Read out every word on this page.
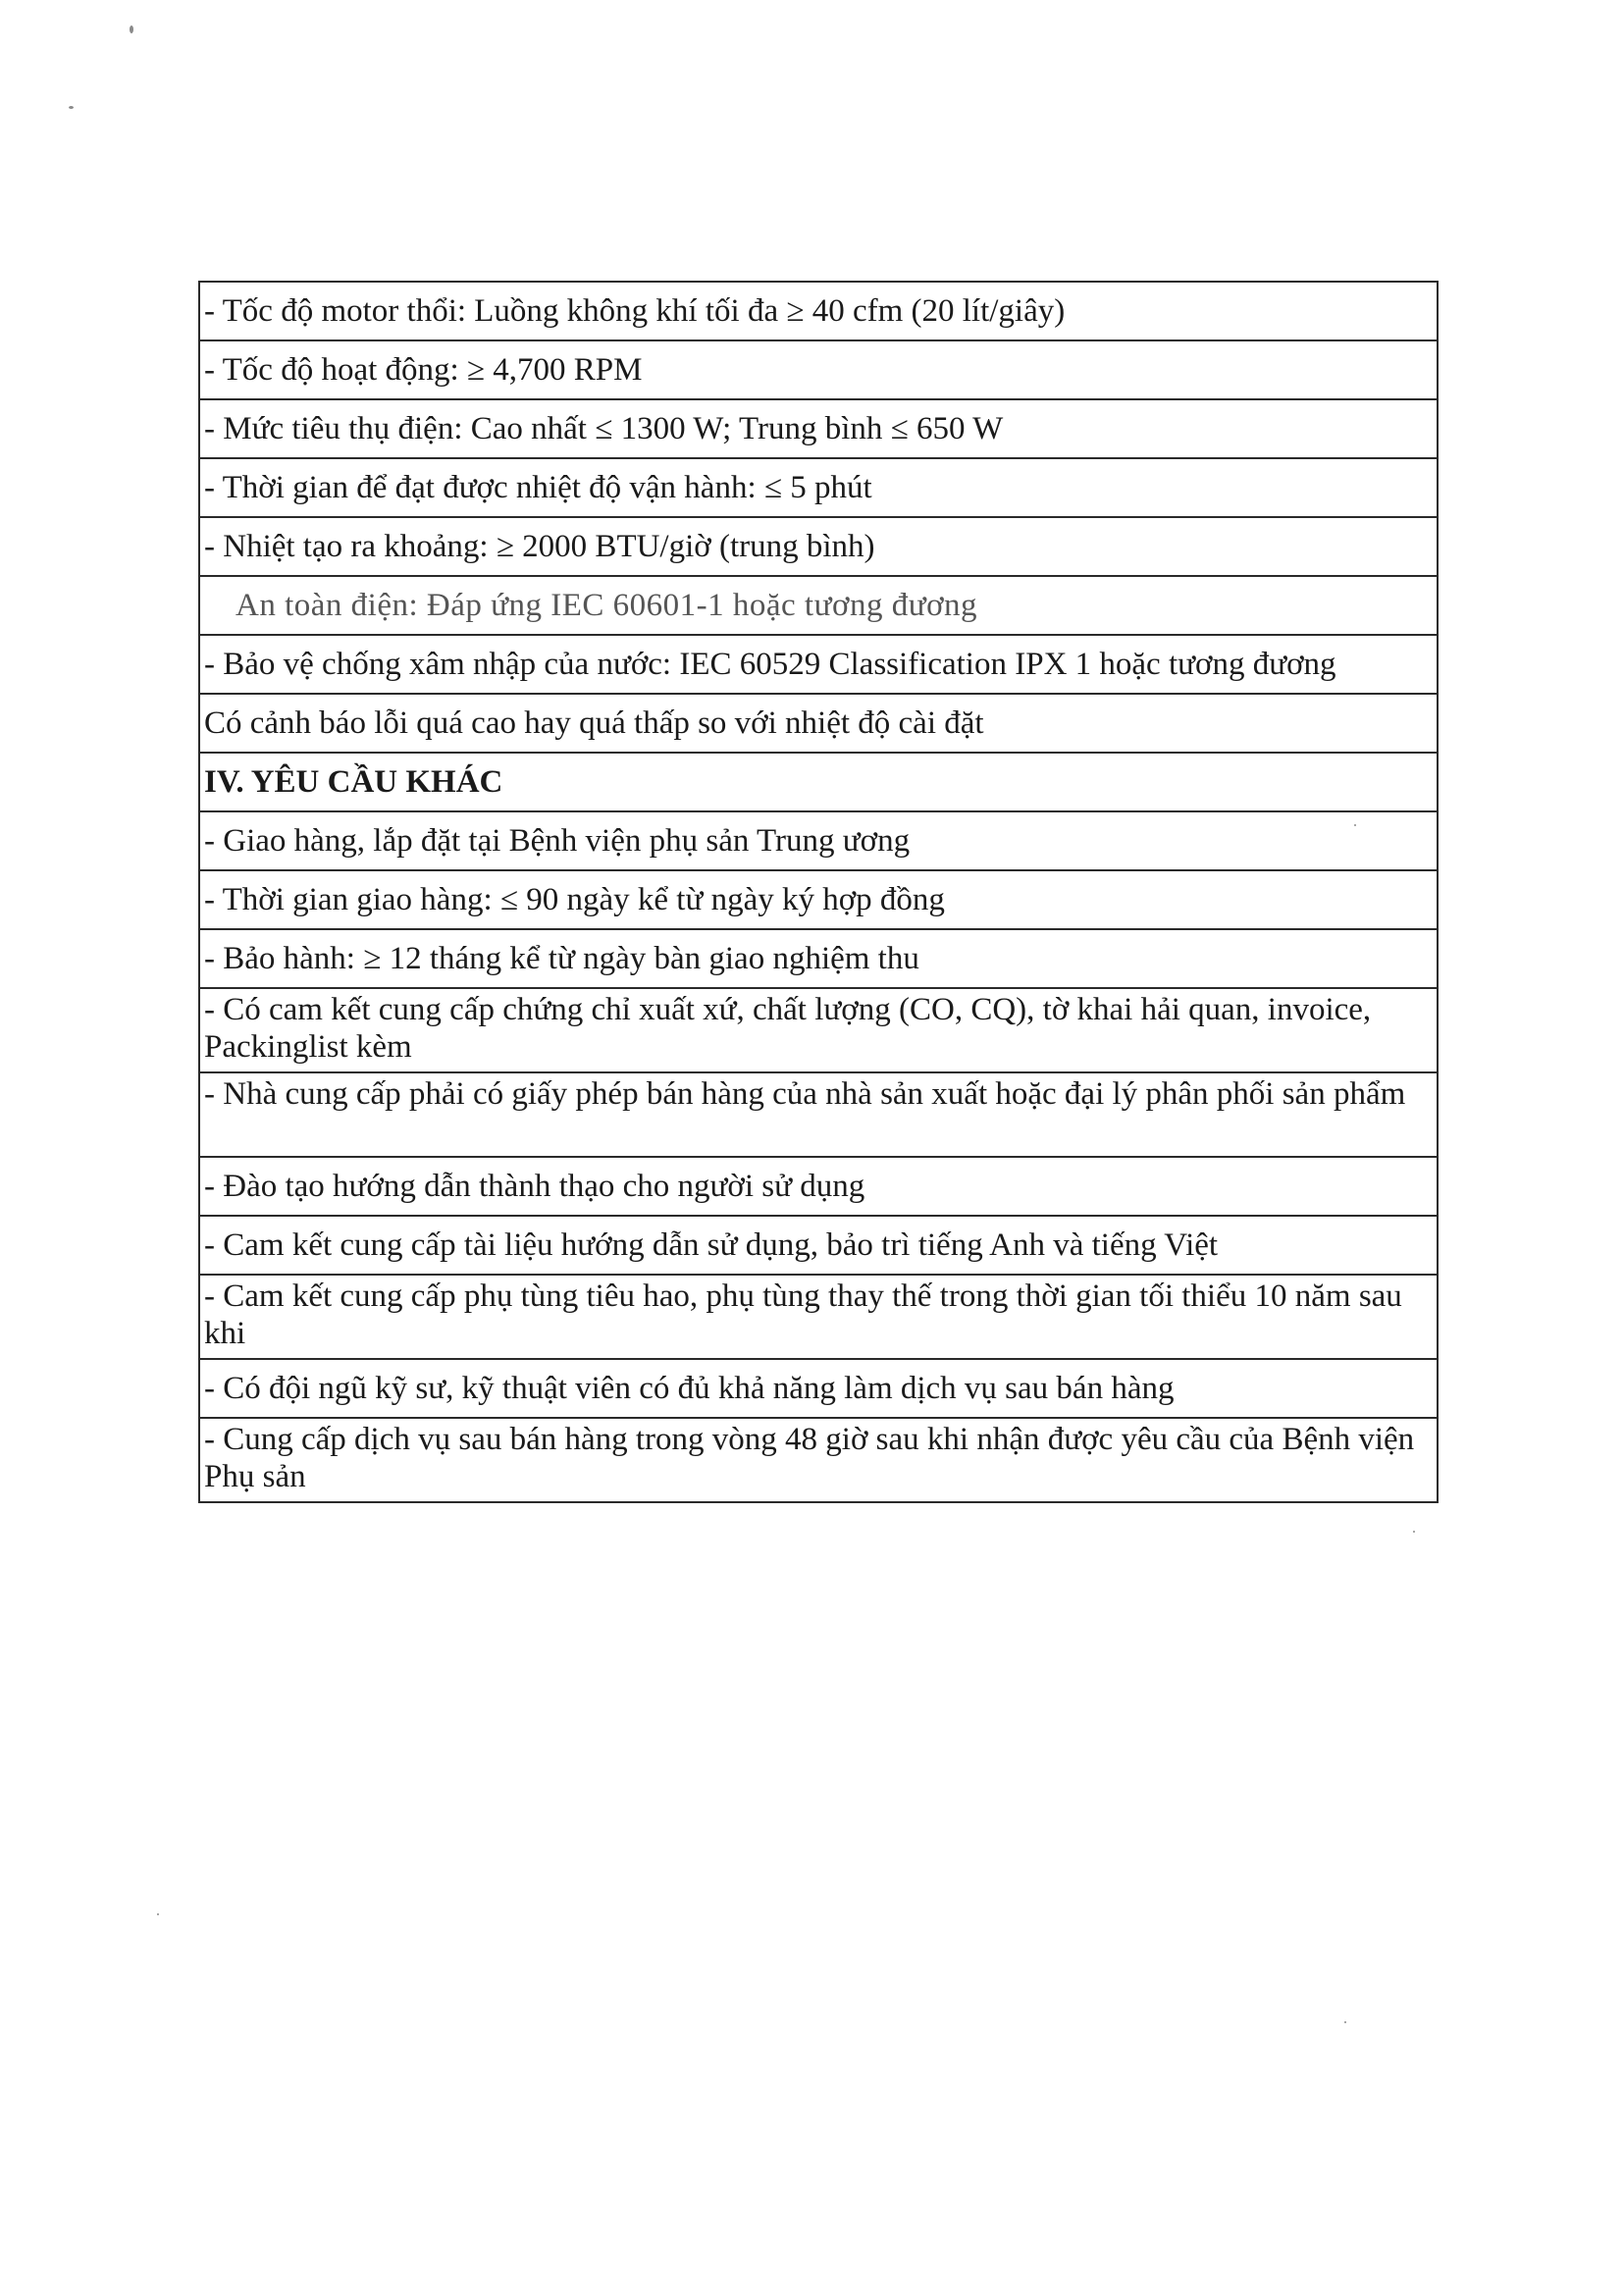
- Tốc độ motor thổi: Luồng không khí tối đa ≥ 40 cfm (20 lít/giây)
- Tốc độ hoạt động: ≥ 4,700 RPM
- Mức tiêu thụ điện: Cao nhất ≤ 1300 W; Trung bình ≤ 650 W
- Thời gian để đạt được nhiệt độ vận hành: ≤ 5 phút
- Nhiệt tạo ra khoảng: ≥ 2000 BTU/giờ (trung bình)
An toàn điện: Đáp ứng IEC 60601-1 hoặc tương đương
- Bảo vệ chống xâm nhập của nước: IEC 60529 Classification IPX 1 hoặc tương đương
Có cảnh báo lỗi quá cao hay quá thấp so với nhiệt độ cài đặt
IV. YÊU CẦU KHÁC
- Giao hàng, lắp đặt tại Bệnh viện phụ sản Trung ương
- Thời gian giao hàng: ≤ 90 ngày kể từ ngày ký hợp đồng
- Bảo hành: ≥ 12 tháng kể từ ngày bàn giao nghiệm thu
- Có cam kết cung cấp chứng chỉ xuất xứ, chất lượng (CO, CQ), tờ khai hải quan, invoice, Packinglist kèm
- Nhà cung cấp phải có giấy phép bán hàng của nhà sản xuất hoặc đại lý phân phối sản phẩm
- Đào tạo hướng dẫn thành thạo cho người sử dụng
- Cam kết cung cấp tài liệu hướng dẫn sử dụng, bảo trì tiếng Anh và tiếng Việt
- Cam kết cung cấp phụ tùng tiêu hao, phụ tùng thay thế trong thời gian tối thiểu 10 năm sau khi
- Có đội ngũ kỹ sư, kỹ thuật viên có đủ khả năng làm dịch vụ sau bán hàng
- Cung cấp dịch vụ sau bán hàng trong vòng 48 giờ sau khi nhận được yêu cầu của Bệnh viện Phụ sản
